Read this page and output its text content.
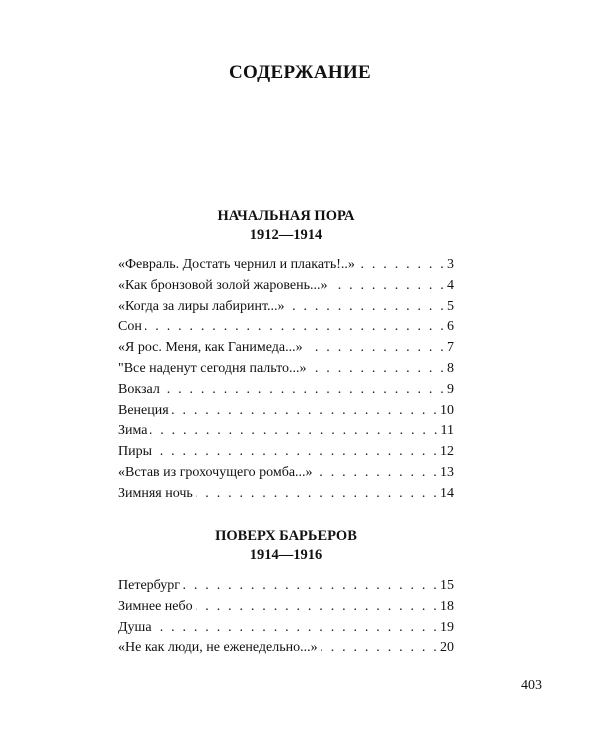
СОДЕРЖАНИЕ
НАЧАЛЬНАЯ ПОРА
1912—1914
«Февраль. Достать чернил и плакать!..» . . .	3
«Как бронзовой золой жаровень...» . . .	4
«Когда за лиры лабиринт...» . . .	5
Сон . . .	6
«Я рос. Меня, как Ганимеда...» . . .	7
"Все наденут сегодня пальто...» . . .	8
Вокзал . . .	9
Венеция . . .	10
Зима . . .	11
Пиры . . .	12
«Встав из грохочущего ромба...» . . .	13
Зимняя ночь . . .	14
ПОВЕРХ БАРЬЕРОВ
1914—1916
Петербург . . .	15
Зимнее небо . . .	18
Душа . . .	19
«Не как люди, не еженедельно...» . . .	20
403
